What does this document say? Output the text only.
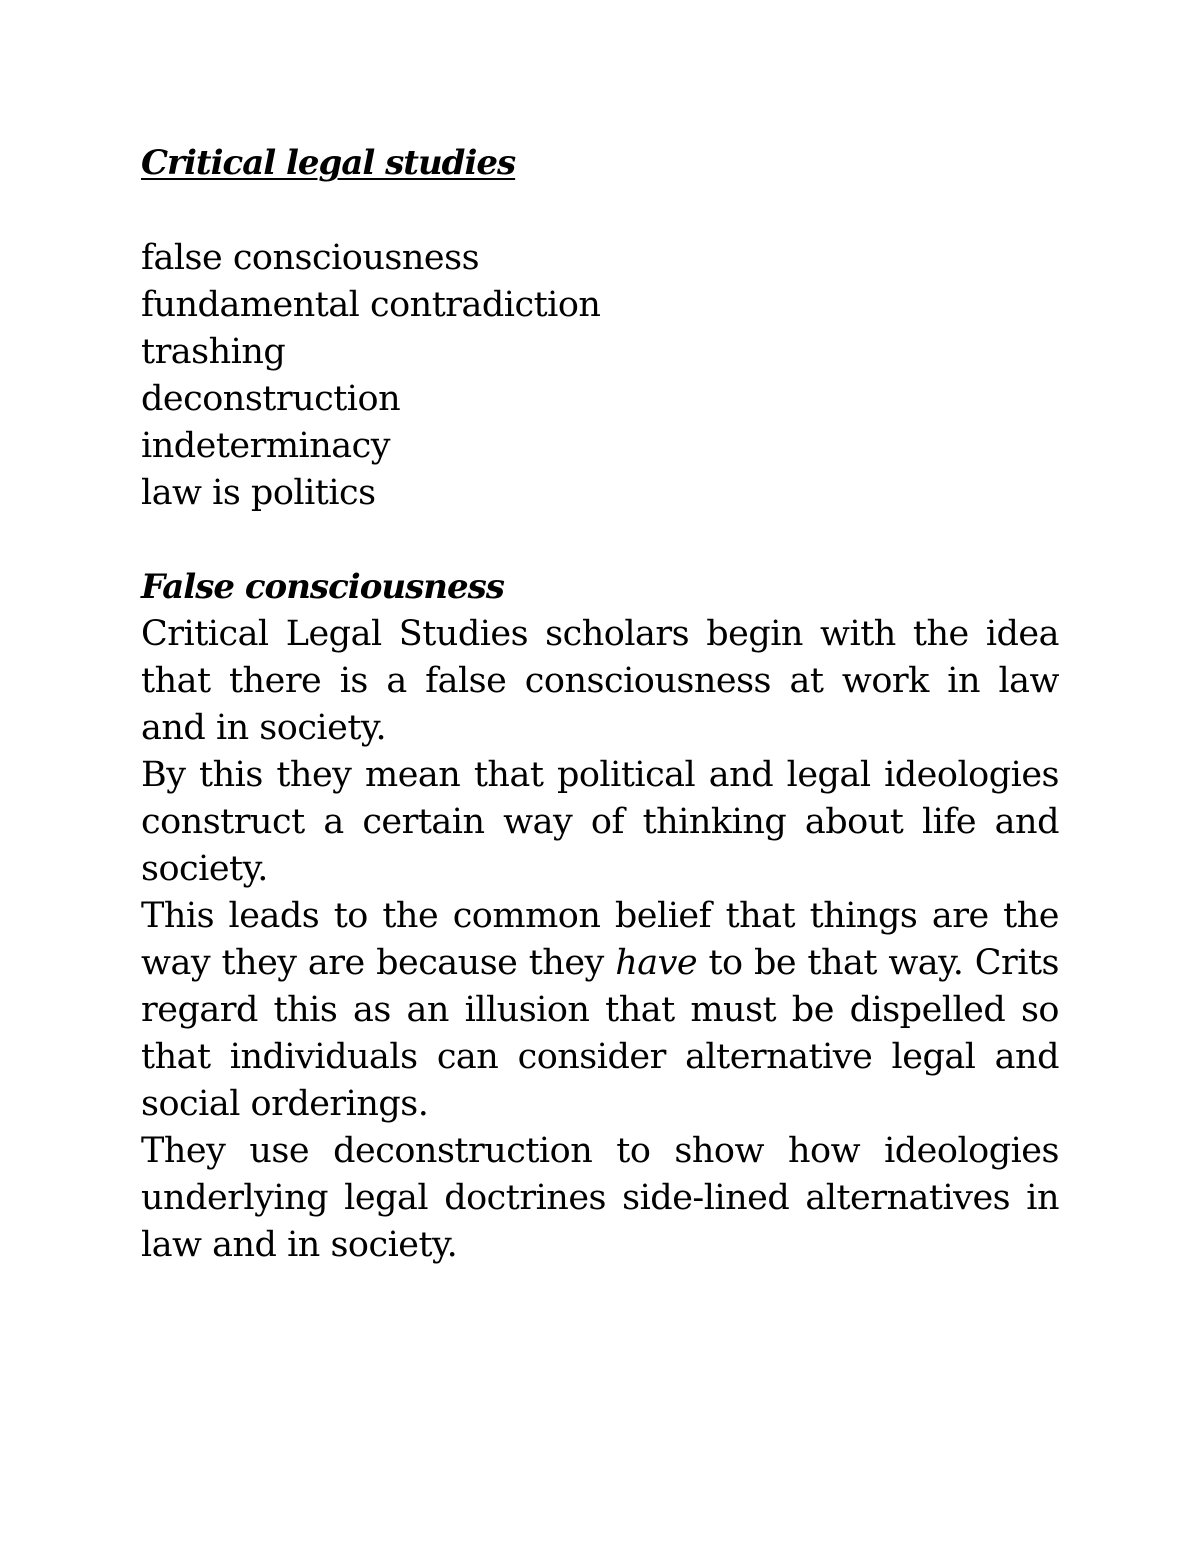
Critical legal studies
false consciousness
fundamental contradiction
trashing
deconstruction
indeterminacy
law is politics
False consciousness

Critical Legal Studies scholars begin with the idea that there is a false consciousness at work in law and in society.

By this they mean that political and legal ideologies construct a certain way of thinking about life and society.

This leads to the common belief that things are the way they are because they have to be that way. Crits regard this as an illusion that must be dispelled so that individuals can consider alternative legal and social orderings.

They use deconstruction to show how ideologies underlying legal doctrines side-lined alternatives in law and in society.
